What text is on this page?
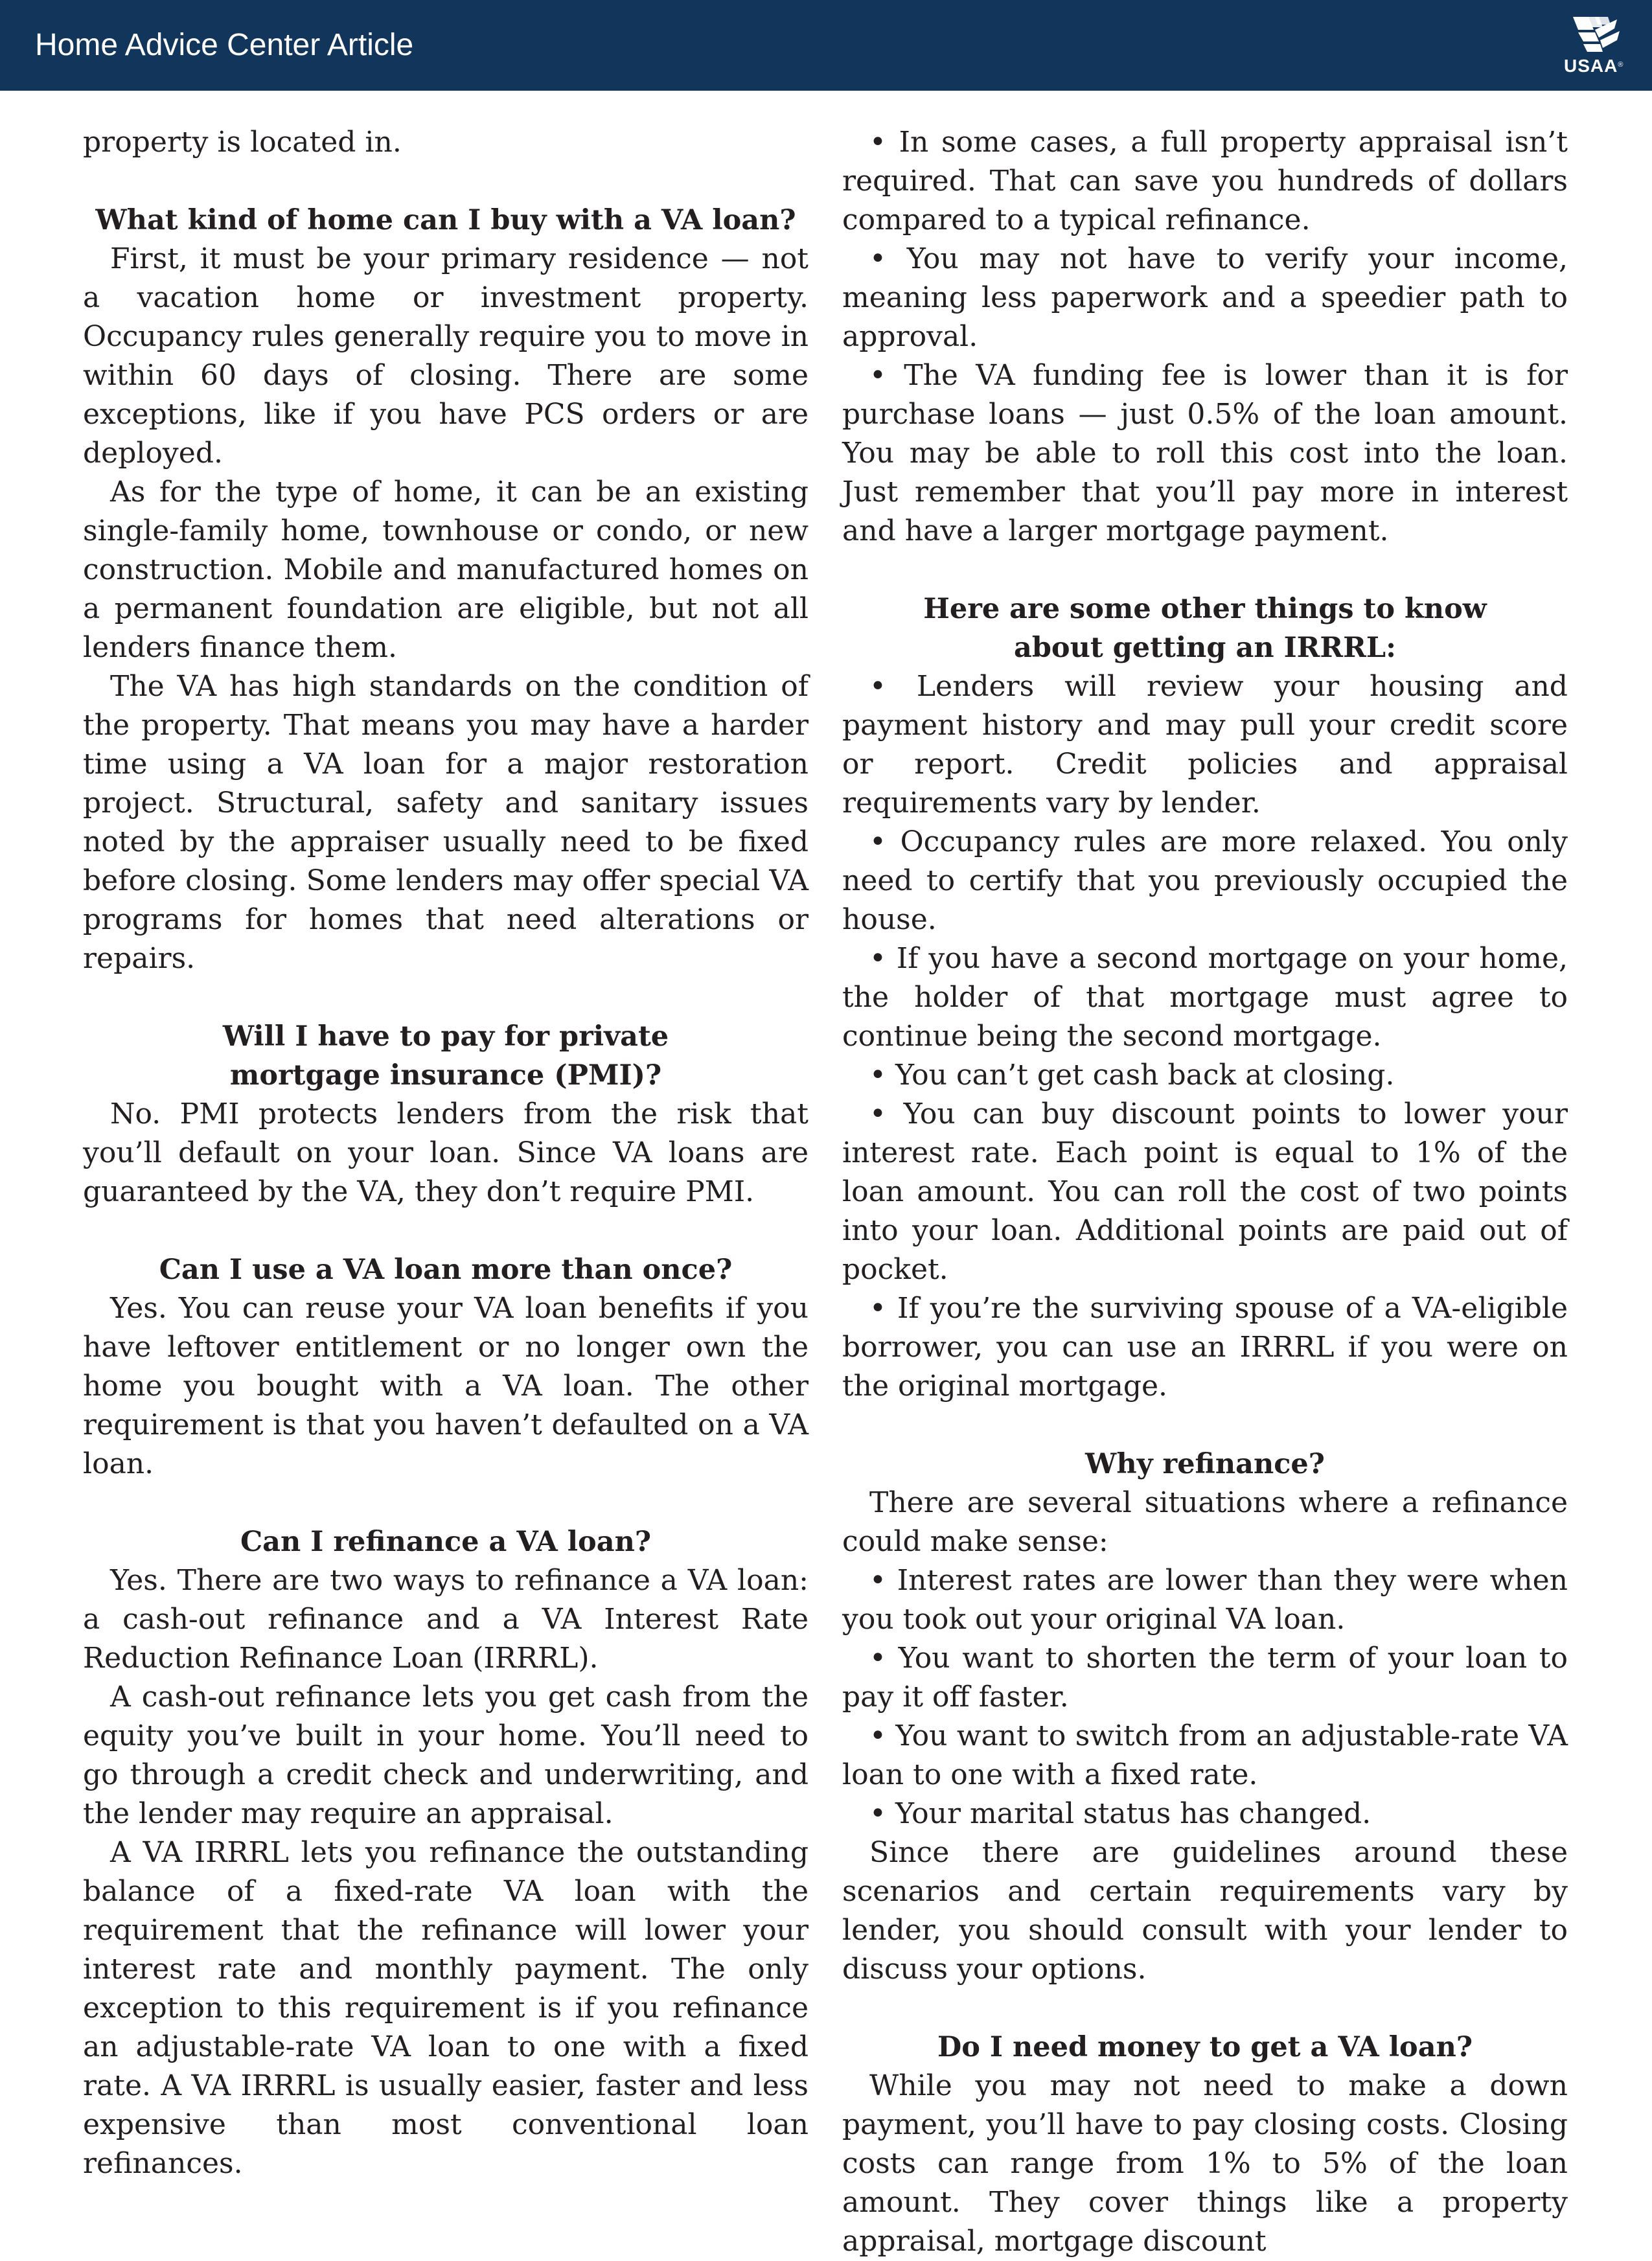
Home Advice Center Article
USAA®

property is located in.

What kind of home can I buy with a VA loan?

First, it must be your primary residence — not a vacation home or investment property. Occupancy rules generally require you to move in within 60 days of closing. There are some exceptions, like if you have PCS orders or are deployed.

As for the type of home, it can be an existing single-family home, townhouse or condo, or new construction. Mobile and manufactured homes on a permanent foundation are eligible, but not all lenders finance them.

The VA has high standards on the condition of the property. That means you may have a harder time using a VA loan for a major restoration project. Structural, safety and sanitary issues noted by the appraiser usually need to be fixed before closing. Some lenders may offer special VA programs for homes that need alterations or repairs.

Will I have to pay for private
mortgage insurance (PMI)?

No. PMI protects lenders from the risk that you’ll default on your loan. Since VA loans are guaranteed by the VA, they don’t require PMI.

Can I use a VA loan more than once?

Yes. You can reuse your VA loan benefits if you have leftover entitlement or no longer own the home you bought with a VA loan. The other requirement is that you haven’t defaulted on a VA loan.

Can I refinance a VA loan?

Yes. There are two ways to refinance a VA loan: a cash-out refinance and a VA Interest Rate Reduction Refinance Loan (IRRRL).

A cash-out refinance lets you get cash from the equity you’ve built in your home. You’ll need to go through a credit check and underwriting, and the lender may require an appraisal.

A VA IRRRL lets you refinance the outstanding balance of a fixed-rate VA loan with the requirement that the refinance will lower your interest rate and monthly payment. The only exception to this requirement is if you refinance an adjustable-rate VA loan to one with a fixed rate. A VA IRRRL is usually easier, faster and less expensive than most conventional loan refinances.

• In some cases, a full property appraisal isn’t required. That can save you hundreds of dollars compared to a typical refinance.

• You may not have to verify your income, meaning less paperwork and a speedier path to approval.

• The VA funding fee is lower than it is for purchase loans — just 0.5% of the loan amount. You may be able to roll this cost into the loan. Just remember that you’ll pay more in interest and have a larger mortgage payment.

Here are some other things to know
about getting an IRRRL:

• Lenders will review your housing and payment history and may pull your credit score or report. Credit policies and appraisal requirements vary by lender.

• Occupancy rules are more relaxed. You only need to certify that you previously occupied the house.

• If you have a second mortgage on your home, the holder of that mortgage must agree to continue being the second mortgage.

• You can’t get cash back at closing.

• You can buy discount points to lower your interest rate. Each point is equal to 1% of the loan amount. You can roll the cost of two points into your loan. Additional points are paid out of pocket.

• If you’re the surviving spouse of a VA-eligible borrower, you can use an IRRRL if you were on the original mortgage.

Why refinance?

There are several situations where a refinance could make sense:

• Interest rates are lower than they were when you took out your original VA loan.

• You want to shorten the term of your loan to pay it off faster.

• You want to switch from an adjustable-rate VA loan to one with a fixed rate.

• Your marital status has changed.

Since there are guidelines around these scenarios and certain requirements vary by lender, you should consult with your lender to discuss your options.

Do I need money to get a VA loan?

While you may not need to make a down payment, you’ll have to pay closing costs. Closing costs can range from 1% to 5% of the loan amount. They cover things like a property appraisal, mortgage discount
